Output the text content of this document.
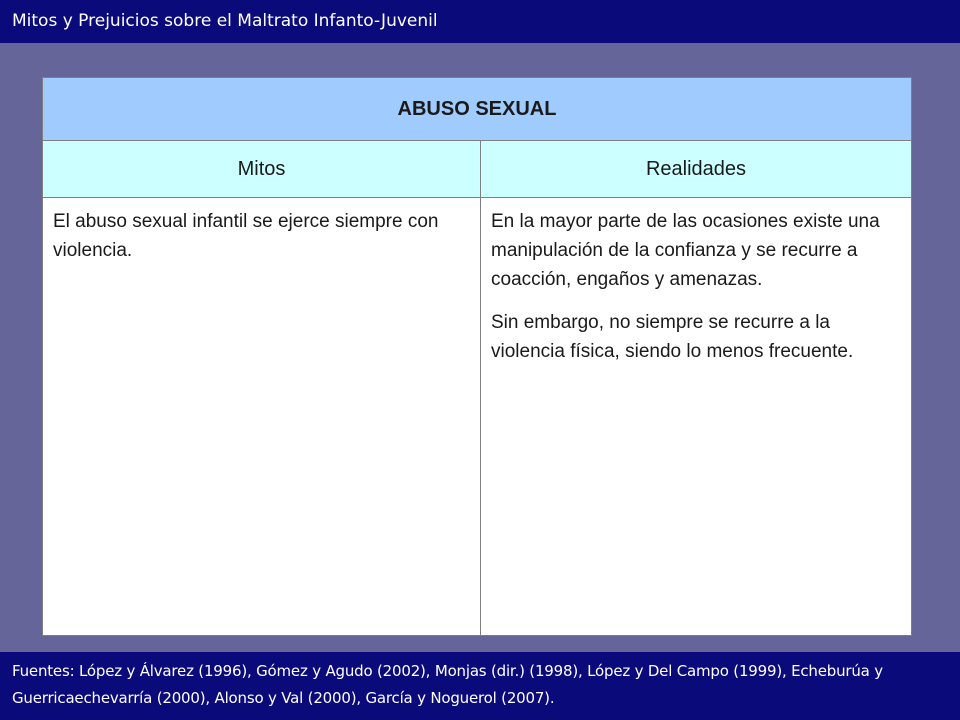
Mitos y Prejuicios sobre el Maltrato Infanto-Juvenil
ABUSO SEXUAL
Mitos	Realidades

El abuso sexual infantil se ejerce siempre con violencia.

En la mayor parte de las ocasiones existe una manipulación de la confianza y se recurre a coacción, engaños y amenazas.

Sin embargo, no siempre se recurre a la violencia física, siendo lo menos frecuente.

Fuentes: López y Álvarez (1996), Gómez y Agudo (2002), Monjas (dir.) (1998), López y Del Campo (1999), Echeburúa y Guerricaechevarría (2000), Alonso y Val (2000), García y Noguerol (2007).
